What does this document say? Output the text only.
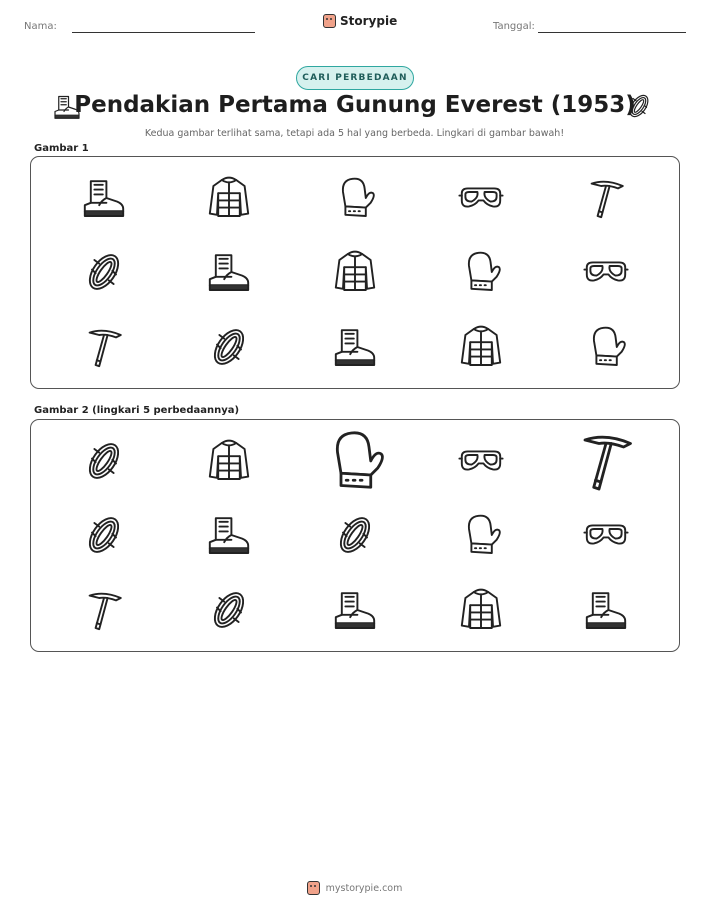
Nama:	Storypie	Tanggal:
CARI PERBEDAAN
Pendakian Pertama Gunung Everest (1953)
Kedua gambar terlihat sama, tetapi ada 5 hal yang berbeda. Lingkari di gambar bawah!
Gambar 1
Gambar 2 (lingkari 5 perbedaannya)
mystorypie.com
